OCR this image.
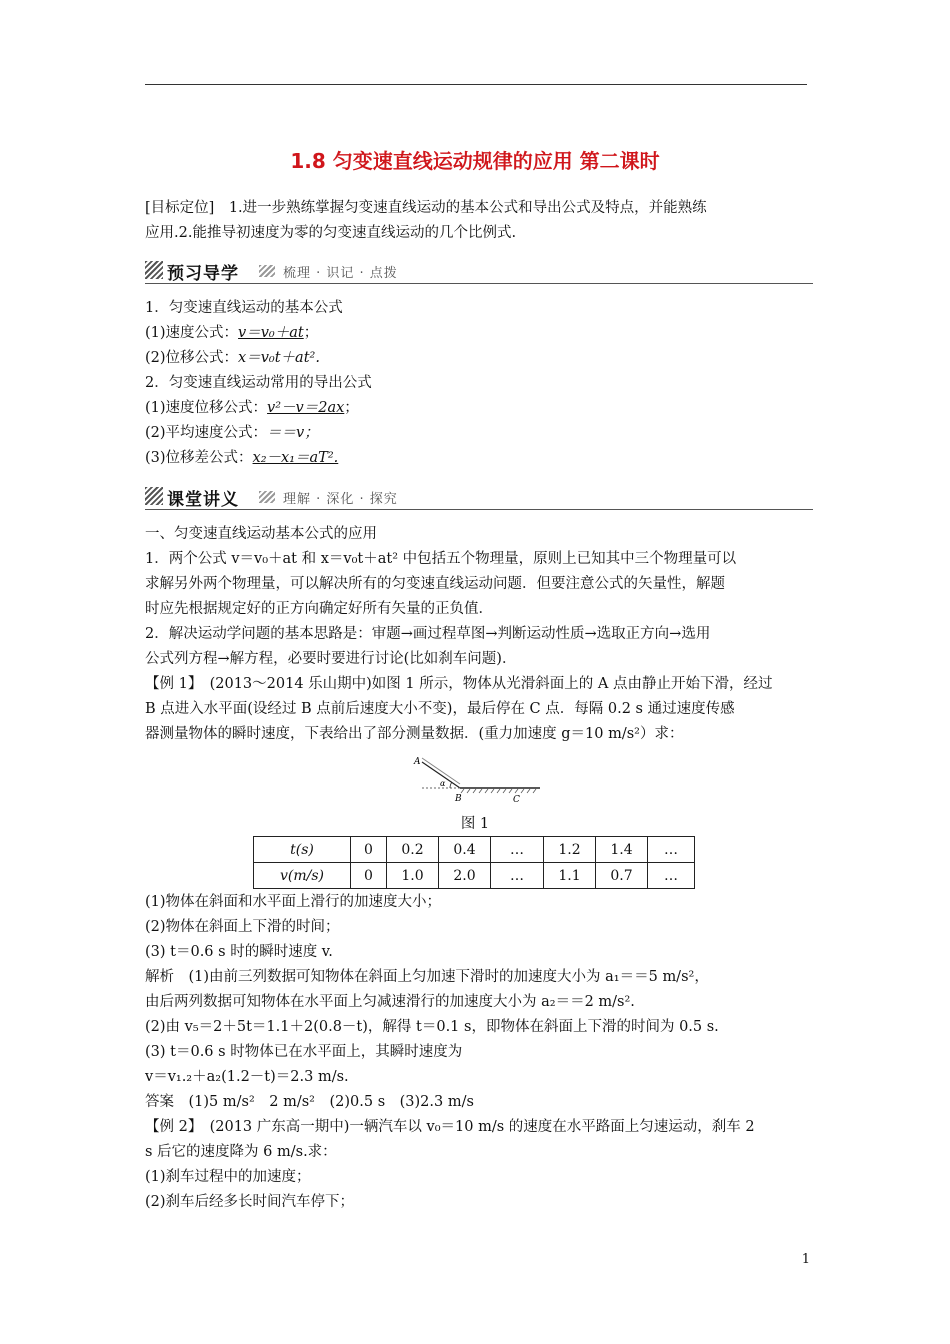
1.8 匀变速直线运动规律的应用 第二课时
[目标定位]　1.进一步熟练掌握匀变速直线运动的基本公式和导出公式及特点，并能熟练
应用.2.能推导初速度为零的匀变速直线运动的几个比例式.
预习导学	梳理 · 识记 · 点拨
1．匀变速直线运动的基本公式
(1)速度公式：v＝v₀＋at；
(2)位移公式：x＝v₀t＋at².
2．匀变速直线运动常用的导出公式
(1)速度位移公式：v²－v＝2ax；
(2)平均速度公式：＝＝v；
(3)位移差公式：x₂－x₁＝aT².
课堂讲义	理解 · 深化 · 探究
一、匀变速直线运动基本公式的应用
1．两个公式 v＝v₀＋at 和 x＝v₀t＋at² 中包括五个物理量，原则上已知其中三个物理量可以
求解另外两个物理量，可以解决所有的匀变速直线运动问题．但要注意公式的矢量性，解题
时应先根据规定好的正方向确定好所有矢量的正负值．
2．解决运动学问题的基本思路是：审题→画过程草图→判断运动性质→选取正方向→选用
公式列方程→解方程，必要时要进行讨论(比如刹车问题)．
【例 1】　(2013～2014 乐山期中)如图 1 所示，物体从光滑斜面上的 A 点由静止开始下滑，经过
B 点进入水平面(设经过 B 点前后速度大小不变)，最后停在 C 点．每隔 0.2 s 通过速度传感
器测量物体的瞬时速度，下表给出了部分测量数据．(重力加速度 g＝10 m/s²）求：
A
α
B	C
图 1
t(s)	0	0.2	0.4	…	1.2	1.4	…
v(m/s)	0	1.0	2.0	…	1.1	0.7	…
(1)物体在斜面和水平面上滑行的加速度大小；
(2)物体在斜面上下滑的时间；
(3) t＝0.6 s 时的瞬时速度 v.
解析　(1)由前三列数据可知物体在斜面上匀加速下滑时的加速度大小为 a₁＝＝5 m/s²，
由后两列数据可知物体在水平面上匀减速滑行的加速度大小为 a₂＝＝2 m/s².
(2)由 v₅＝2＋5t＝1.1＋2(0.8－t)，解得 t＝0.1 s，即物体在斜面上下滑的时间为 0.5 s.
(3) t＝0.6 s 时物体已在水平面上，其瞬时速度为
v＝v₁.₂＋a₂(1.2－t)＝2.3 m/s.
答案　(1)5 m/s²　2 m/s²　(2)0.5 s　(3)2.3 m/s
【例 2】　(2013 广东高一期中)一辆汽车以 v₀＝10 m/s 的速度在水平路面上匀速运动，刹车 2
s 后它的速度降为 6 m/s.求：
(1)刹车过程中的加速度；
(2)刹车后经多长时间汽车停下；
1
